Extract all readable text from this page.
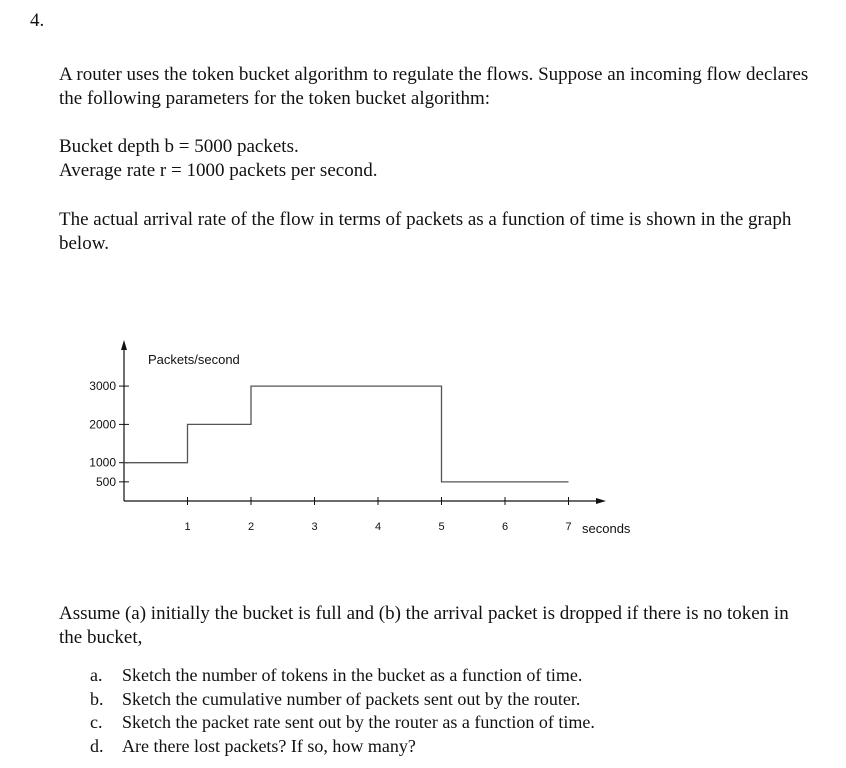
4.

A router uses the token bucket algorithm to regulate the flows. Suppose an incoming flow declares the following parameters for the token bucket algorithm:

Bucket depth b = 5000 packets.
Average rate r = 1000 packets per second.

The actual arrival rate of the flow in terms of packets as a function of time is shown in the graph below.

1	2	3	4	5	6	7
500
1000
2000
3000
Packets/second
seconds

Assume (a) initially the bucket is full and (b) the arrival packet is dropped if there is no token in the bucket,

a.	Sketch the number of tokens in the bucket as a function of time.
b.	Sketch the cumulative number of packets sent out by the router.
c.	Sketch the packet rate sent out by the router as a function of time.
d.	Are there lost packets? If so, how many?
